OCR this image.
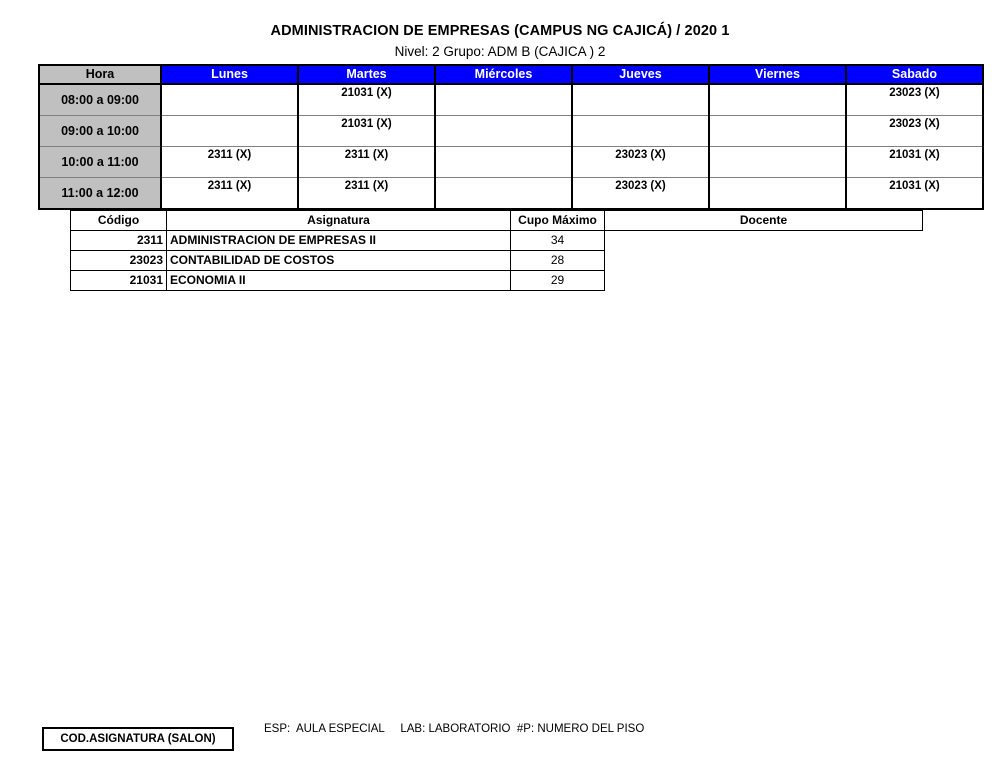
ADMINISTRACION DE EMPRESAS (CAMPUS NG CAJICÁ) / 2020 1
Nivel: 2 Grupo: ADM B (CAJICA ) 2
Hora	Lunes	Martes	Miércoles	Jueves	Viernes	Sabado
08:00 a 09:00		21031 (X)				23023 (X)
09:00 a 10:00		21031 (X)				23023 (X)
10:00 a 11:00	2311 (X)	2311 (X)		23023 (X)		21031 (X)
11:00 a 12:00	2311 (X)	2311 (X)		23023 (X)		21031 (X)
Código	Asignatura	Cupo Máximo	Docente
2311	ADMINISTRACION DE EMPRESAS II	34	
23023	CONTABILIDAD DE COSTOS	28	
21031	ECONOMIA II	29	
COD.ASIGNATURA (SALON)
ESP:  AULA ESPECIAL     LAB: LABORATORIO  #P: NUMERO DEL PISO
